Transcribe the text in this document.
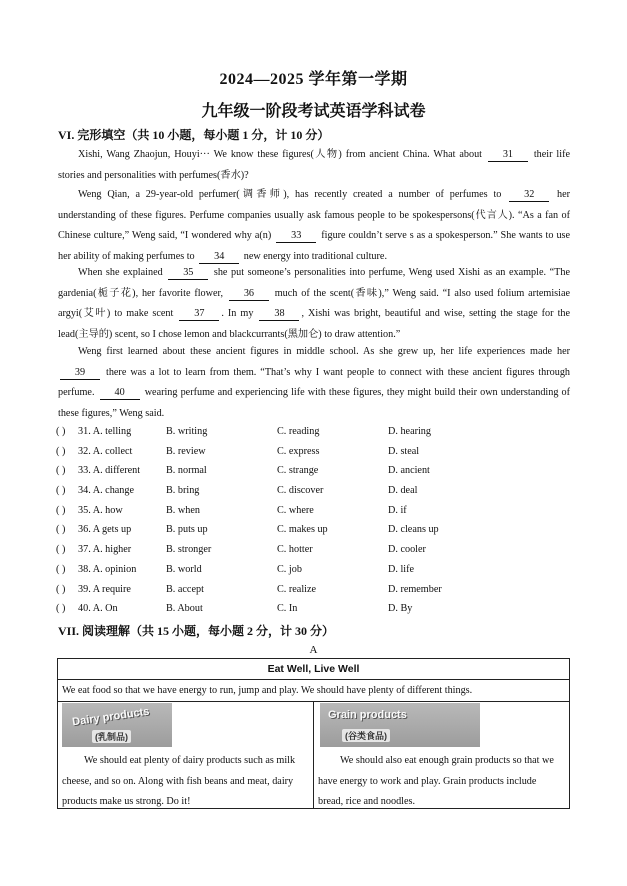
2024—2025 学年第一学期
九年级一阶段考试英语学科试卷
VI. 完形填空（共 10 小题，每小题 1 分，计 10 分）
Xishi, Wang Zhaojun, Houyi··· We know these figures(人物) from ancient China. What about 31 their life stories and personalities with perfumes(香水)?
Weng Qian, a 29-year-old perfumer(调香师), has recently created a number of perfumes to 32 her understanding of these figures. Perfume companies usually ask famous people to be spokespersons(代言人). “As a fan of Chinese culture,” Weng said, “I wondered why a(n) 33 figure couldn’t serve s as a spokesperson.” She wants to use her ability of making perfumes to 34 new energy into traditional culture.
When she explained 35 she put someone’s personalities into perfume, Weng used Xishi as an example. “The gardenia(栀子花), her favorite flower, 36 much of the scent(香味),” Weng said. “I also used folium artemisiae argyi(艾叶) to make scent 37 . In my 38 , Xishi was bright, beautiful and wise, setting the stage for the lead(主导的) scent, so I chose lemon and blackcurrants(黑加仑) to draw attention.”
Weng first learned about these ancient figures in middle school. As she grew up, her life experiences made her 39 there was a lot to learn from them. “That’s why I want people to connect with these ancient figures through perfume. 40 wearing perfume and experiencing life with these figures, they might build their own understanding of these figures,” Weng said.
( ) 31. A. telling	B. writing	C. reading	D. hearing
( ) 32. A. collect	B. review	C. express	D. steal
( ) 33. A. different	B. normal	C. strange	D. ancient
( ) 34. A. change	B. bring	C. discover	D. deal
( ) 35. A. how	B. when	C. where	D. if
( ) 36. A gets up	B. puts up	C. makes up	D. cleans up
( ) 37. A. higher	B. stronger	C. hotter	D. cooler
( ) 38. A. opinion	B. world	C. job	D. life
( ) 39. A require	B. accept	C. realize	D. remember
( ) 40. A. On	B. About	C. In	D. By
VII. 阅读理解（共 15 小题，每小题 2 分，计 30 分）
A
Eat Well, Live Well
We eat food so that we have energy to run, jump and play. We should have plenty of different things.
Dairy products
(乳制品)
We should eat plenty of dairy products such as milk cheese, and so on. Along with fish beans and meat, dairy products make us strong. Do it!
Grain products
(谷类食品)
We should also eat enough grain products so that we have energy to work and play. Grain products include bread, rice and noodles.
